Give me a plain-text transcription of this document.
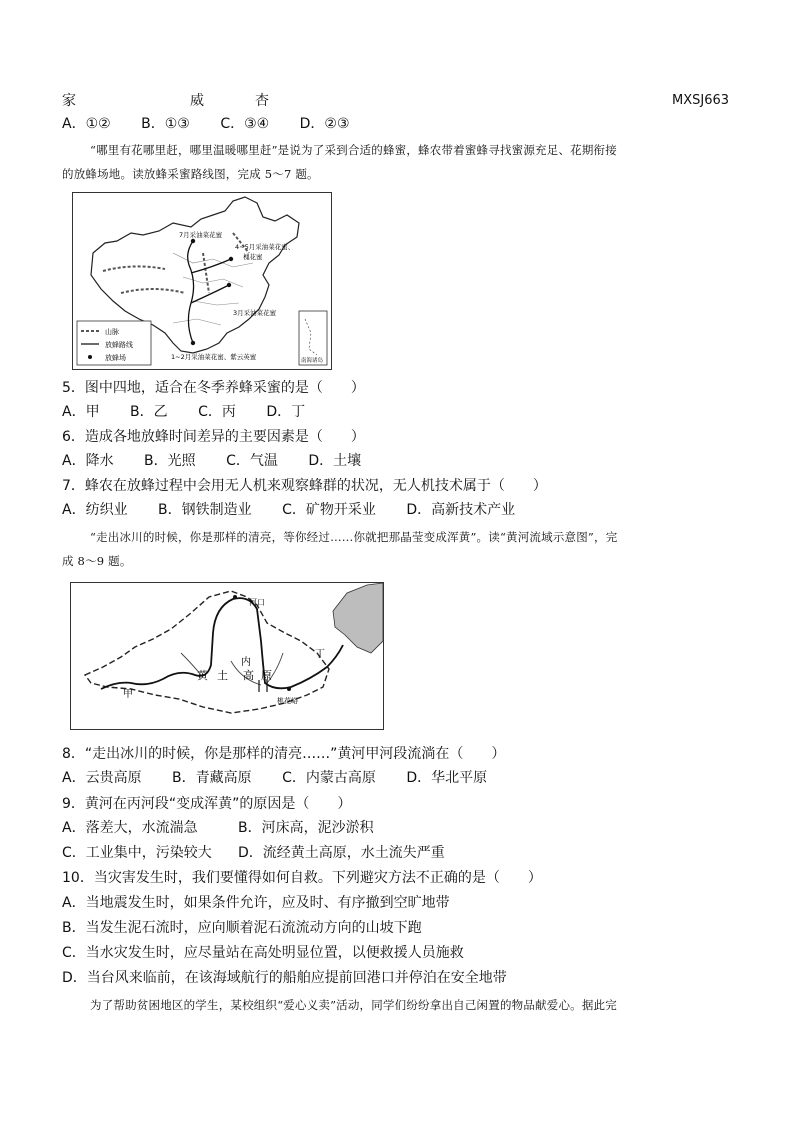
家	威	杏	MXSJ663
A．①② B．①③ C．③④ D．②③
“哪里有花哪里赶，哪里温暖哪里赶”是说为了采到合适的蜂蜜，蜂农带着蜜蜂寻找蜜源充足、花期衔接
的放蜂场地。读放蜂采蜜路线图，完成 5～7 题。
7月采油菜花蜜
4~5月采油菜花蜜、
槐花蜜
3月采油菜花蜜
1~2月采油菜花蜜、紫云英蜜
山脉
放蜂路线
放蜂场	南海诸岛
5．图中四地，适合在冬季养蜂采蜜的是（　　）
A．甲 B．乙 C．丙 D．丁
6．造成各地放蜂时间差异的主要因素是（　　）
A．降水 B．光照 C．气温 D．土壤
7．蜂农在放蜂过程中会用无人机来观察蜂群的状况，无人机技术属于（　　）
A．纺织业 B．钢铁制造业 C．矿物开采业 D．高新技术产业
“走出冰川的时候，你是那样的清亮，等你经过……你就把那晶莹变成浑黄”。读“黄河流域示意图”，完
成 8～9 题。
河口
黄 土 高 原
内
甲
丁
桃花峪
8．“走出冰川的时候，你是那样的清亮……”黄河甲河段流淌在（　　）
A．云贵高原 B．青藏高原 C．内蒙古高原 D．华北平原
9．黄河在丙河段“变成浑黄”的原因是（　　）
A．落差大，水流湍急	B．河床高，泥沙淤积
C．工业集中，污染较大 D．流经黄土高原，水土流失严重
10．当灾害发生时，我们要懂得如何自救。下列避灾方法不正确的是（　　）
A．当地震发生时，如果条件允许，应及时、有序撤到空旷地带
B．当发生泥石流时，应向顺着泥石流流动方向的山坡下跑
C．当水灾发生时，应尽量站在高处明显位置，以便救援人员施救
D．当台风来临前，在该海域航行的船舶应提前回港口并停泊在安全地带
为了帮助贫困地区的学生，某校组织“爱心义卖”活动，同学们纷纷拿出自己闲置的物品献爱心。据此完
